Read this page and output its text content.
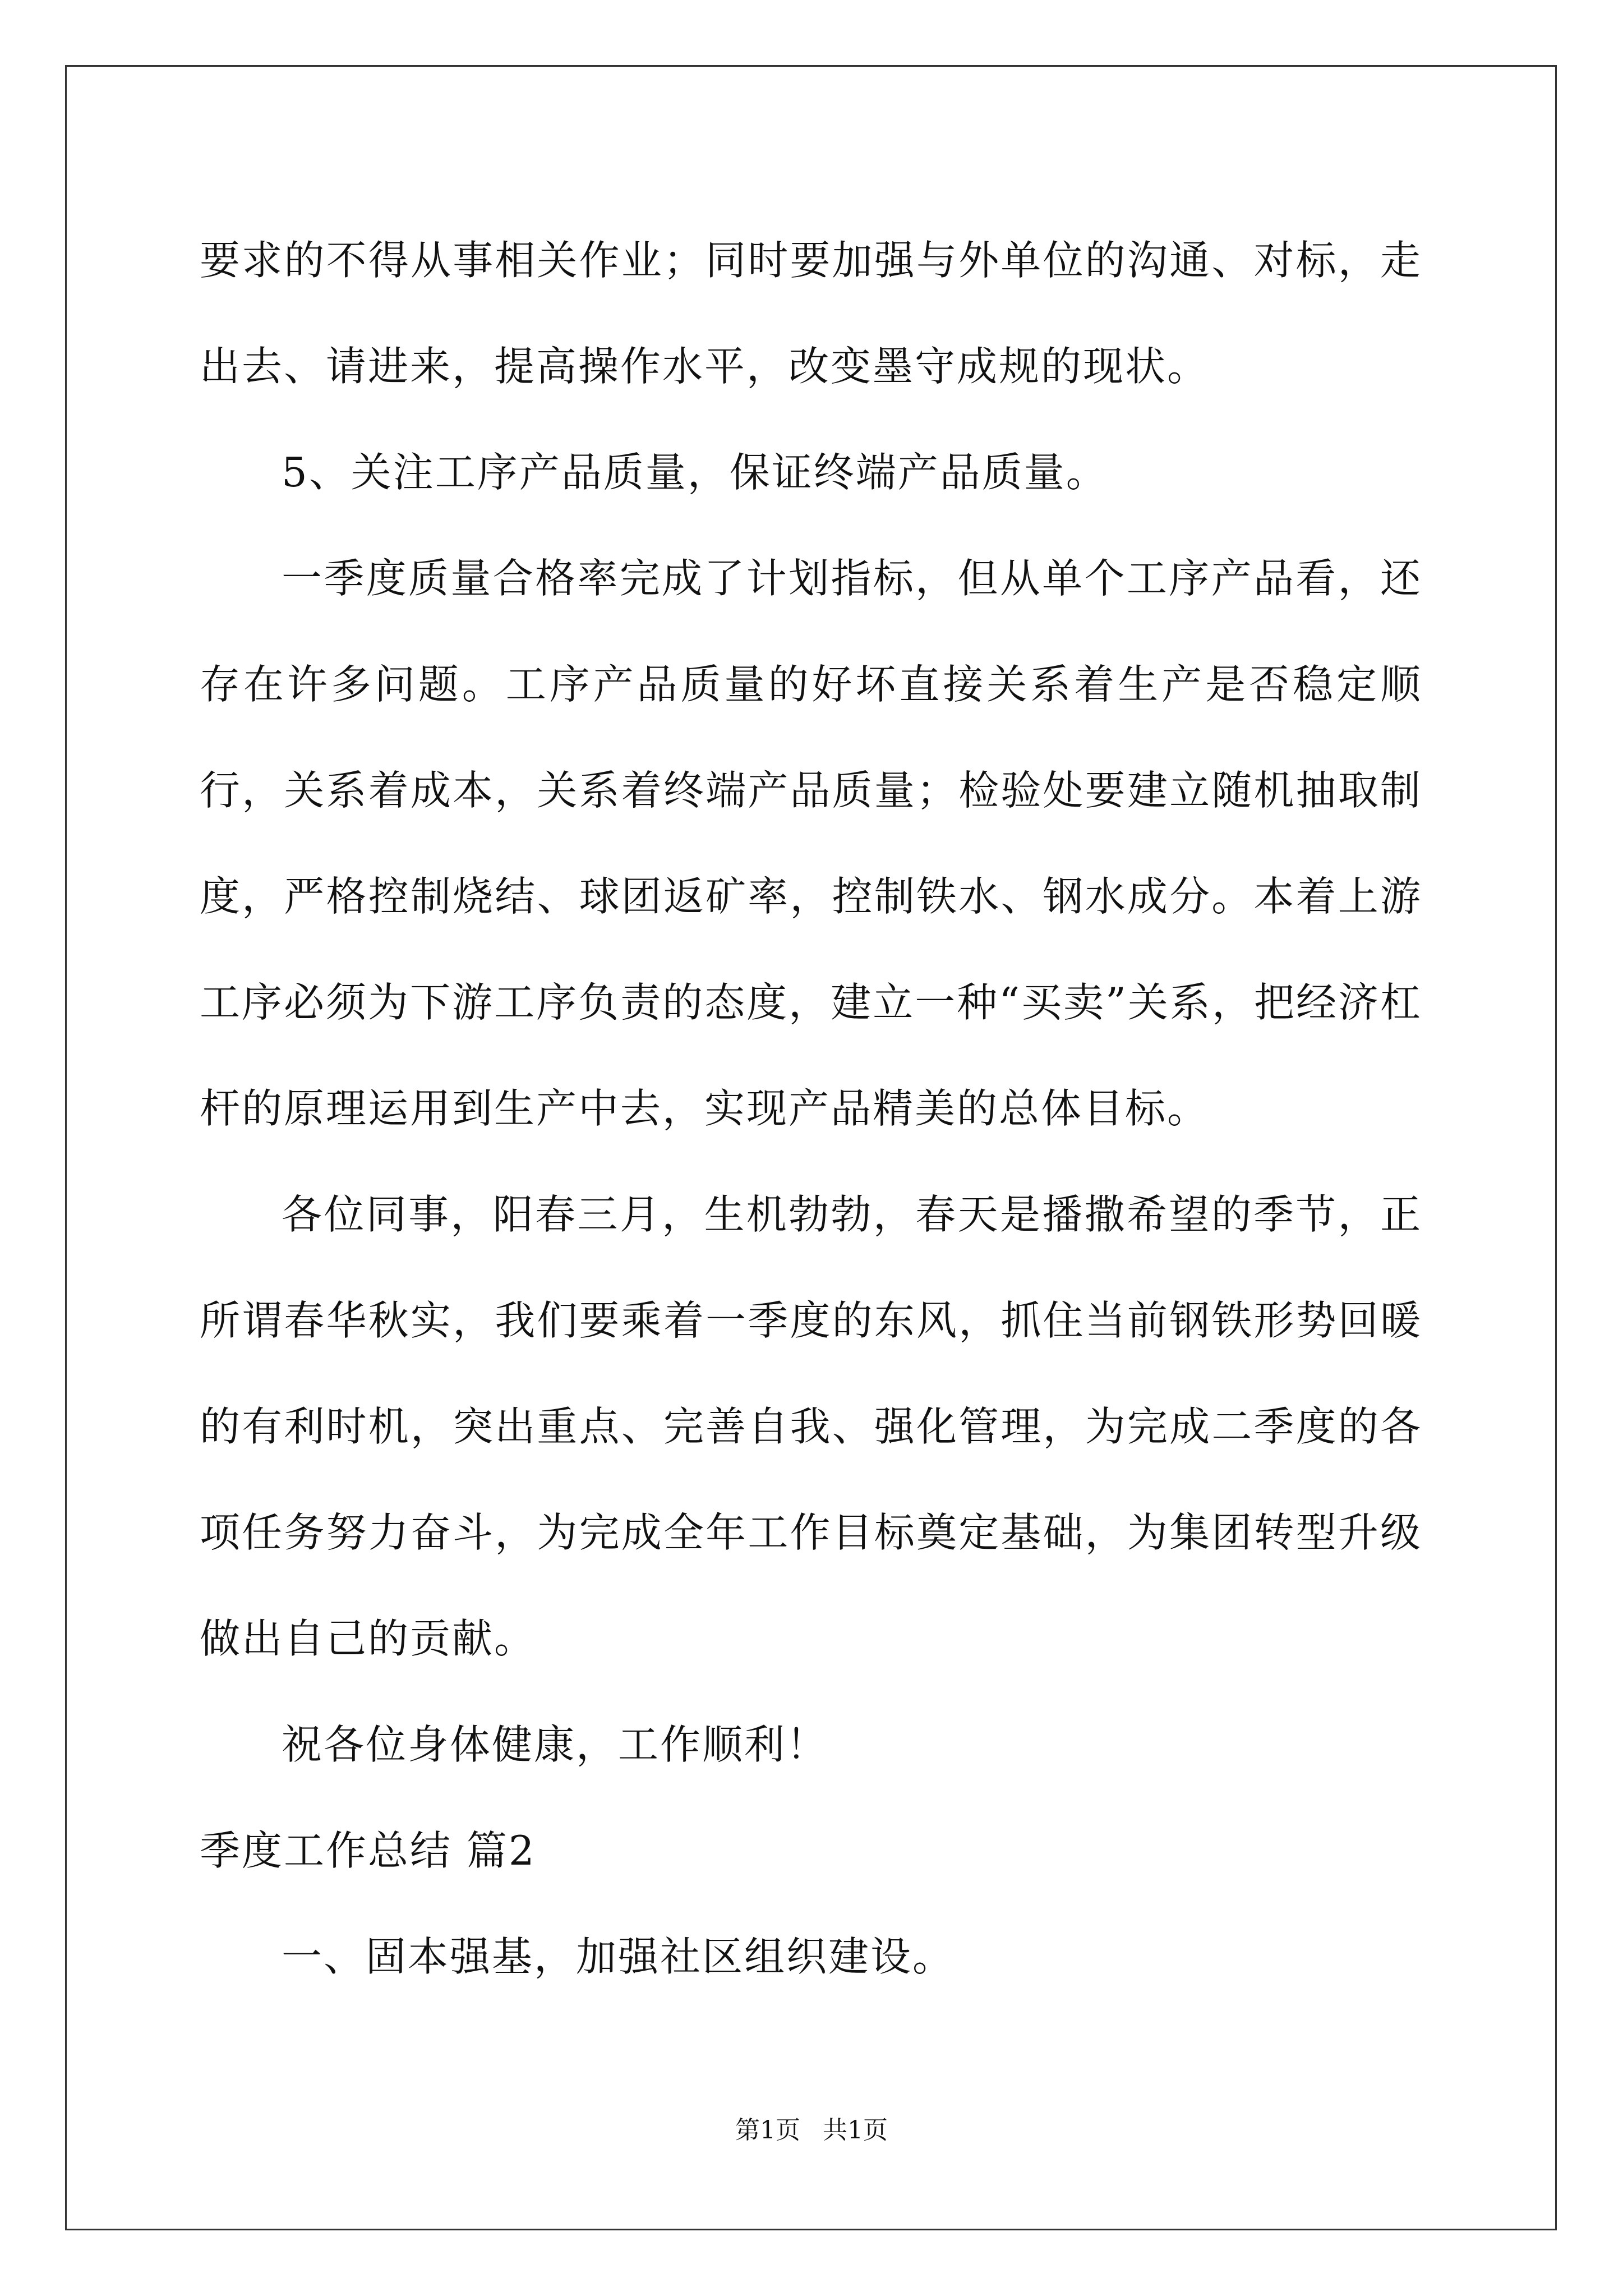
要求的不得从事相关作业；同时要加强与外单位的沟通、对标，走出去、请进来，提高操作水平，改变墨守成规的现状。

5、关注工序产品质量，保证终端产品质量。

一季度质量合格率完成了计划指标，但从单个工序产品看，还存在许多问题。工序产品质量的好坏直接关系着生产是否稳定顺行，关系着成本，关系着终端产品质量；检验处要建立随机抽取制度，严格控制烧结、球团返矿率，控制铁水、钢水成分。本着上游工序必须为下游工序负责的态度，建立一种“买卖”关系，把经济杠杆的原理运用到生产中去，实现产品精美的总体目标。

各位同事，阳春三月，生机勃勃，春天是播撒希望的季节，正所谓春华秋实，我们要乘着一季度的东风，抓住当前钢铁形势回暖的有利时机，突出重点、完善自我、强化管理，为完成二季度的各项任务努力奋斗，为完成全年工作目标奠定基础，为集团转型升级做出自己的贡献。

祝各位身体健康，工作顺利！

季度工作总结 篇2

一、固本强基，加强社区组织建设。

第1页 共1页
